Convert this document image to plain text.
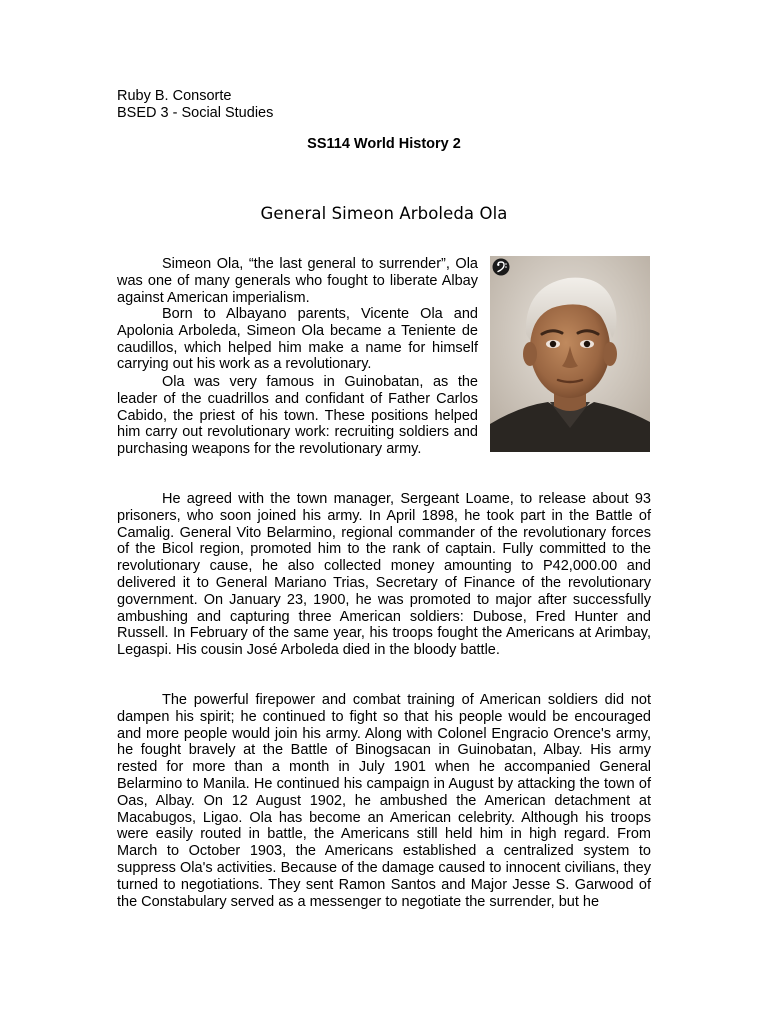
Ruby B. Consorte
BSED 3 - Social Studies
SS114 World History 2
General Simeon Arboleda Ola

Simeon Ola, “the last general to surrender”, Ola was one of many generals who fought to liberate Albay against American imperialism.

Born to Albayano parents, Vicente Ola and Apolonia Arboleda, Simeon Ola became a Teniente de caudillos, which helped him make a name for himself carrying out his work as a revolutionary.

Ola was very famous in Guinobatan, as the leader of the cuadrillos and confidant of Father Carlos Cabido, the priest of his town. These positions helped him carry out revolutionary work: recruiting soldiers and purchasing weapons for the revolutionary army.

He agreed with the town manager, Sergeant Loame, to release about 93 prisoners, who soon joined his army. In April 1898, he took part in the Battle of Camalig. General Vito Belarmino, regional commander of the revolutionary forces of the Bicol region, promoted him to the rank of captain. Fully committed to the revolutionary cause, he also collected money amounting to P42,000.00 and delivered it to General Mariano Trias, Secretary of Finance of the revolutionary government. On January 23, 1900, he was promoted to major after successfully ambushing and capturing three American soldiers: Dubose, Fred Hunter and Russell. In February of the same year, his troops fought the Americans at Arimbay, Legaspi. His cousin José Arboleda died in the bloody battle.

The powerful firepower and combat training of American soldiers did not dampen his spirit; he continued to fight so that his people would be encouraged and more people would join his army. Along with Colonel Engracio Orence's army, he fought bravely at the Battle of Binogsacan in Guinobatan, Albay. His army rested for more than a month in July 1901 when he accompanied General Belarmino to Manila. He continued his campaign in August by attacking the town of Oas, Albay. On 12 August 1902, he ambushed the American detachment at Macabugos, Ligao. Ola has become an American celebrity. Although his troops were easily routed in battle, the Americans still held him in high regard. From March to October 1903, the Americans established a centralized system to suppress Ola's activities. Because of the damage caused to innocent civilians, they turned to negotiations. They sent Ramon Santos and Major Jesse S. Garwood of the Constabulary served as a messenger to negotiate the surrender, but he
